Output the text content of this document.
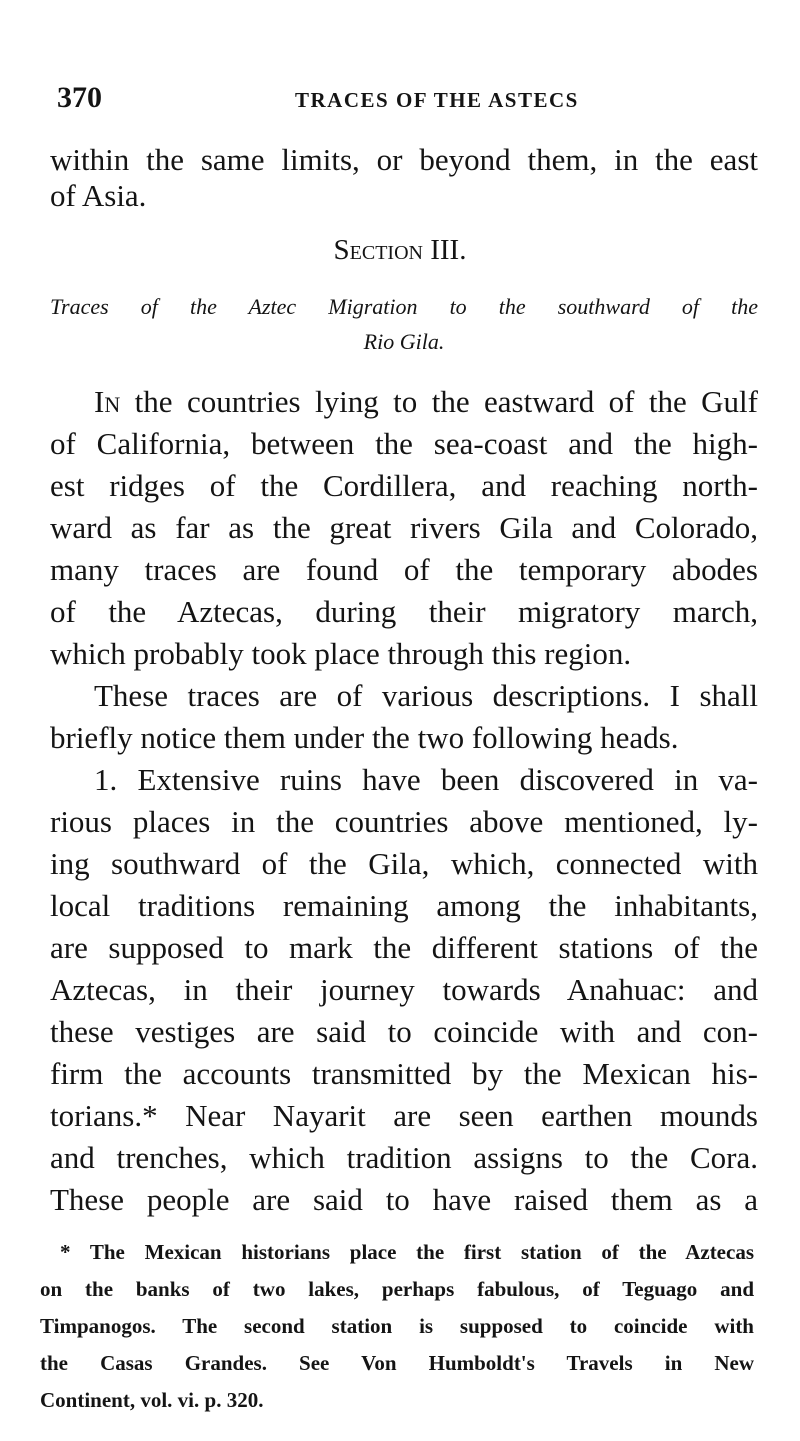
370	TRACES OF THE ASTECS
within the same limits, or beyond them, in the east
of Asia.
Section III.
Traces of the Aztec Migration to the southward of the
Rio Gila.
In the countries lying to the eastward of the Gulf
of California, between the sea-coast and the high-
est ridges of the Cordillera, and reaching north-
ward as far as the great rivers Gila and Colorado,
many traces are found of the temporary abodes
of the Aztecas, during their migratory march,
which probably took place through this region.
These traces are of various descriptions. I shall
briefly notice them under the two following heads.
1. Extensive ruins have been discovered in va-
rious places in the countries above mentioned, ly-
ing southward of the Gila, which, connected with
local traditions remaining among the inhabitants,
are supposed to mark the different stations of the
Aztecas, in their journey towards Anahuac: and
these vestiges are said to coincide with and con-
firm the accounts transmitted by the Mexican his-
torians.* Near Nayarit are seen earthen mounds
and trenches, which tradition assigns to the Cora.
These people are said to have raised them as a
* The Mexican historians place the first station of the Aztecas
on the banks of two lakes, perhaps fabulous, of Teguago and
Timpanogos. The second station is supposed to coincide with
the Casas Grandes. See Von Humboldt's Travels in New
Continent, vol. vi. p. 320.
